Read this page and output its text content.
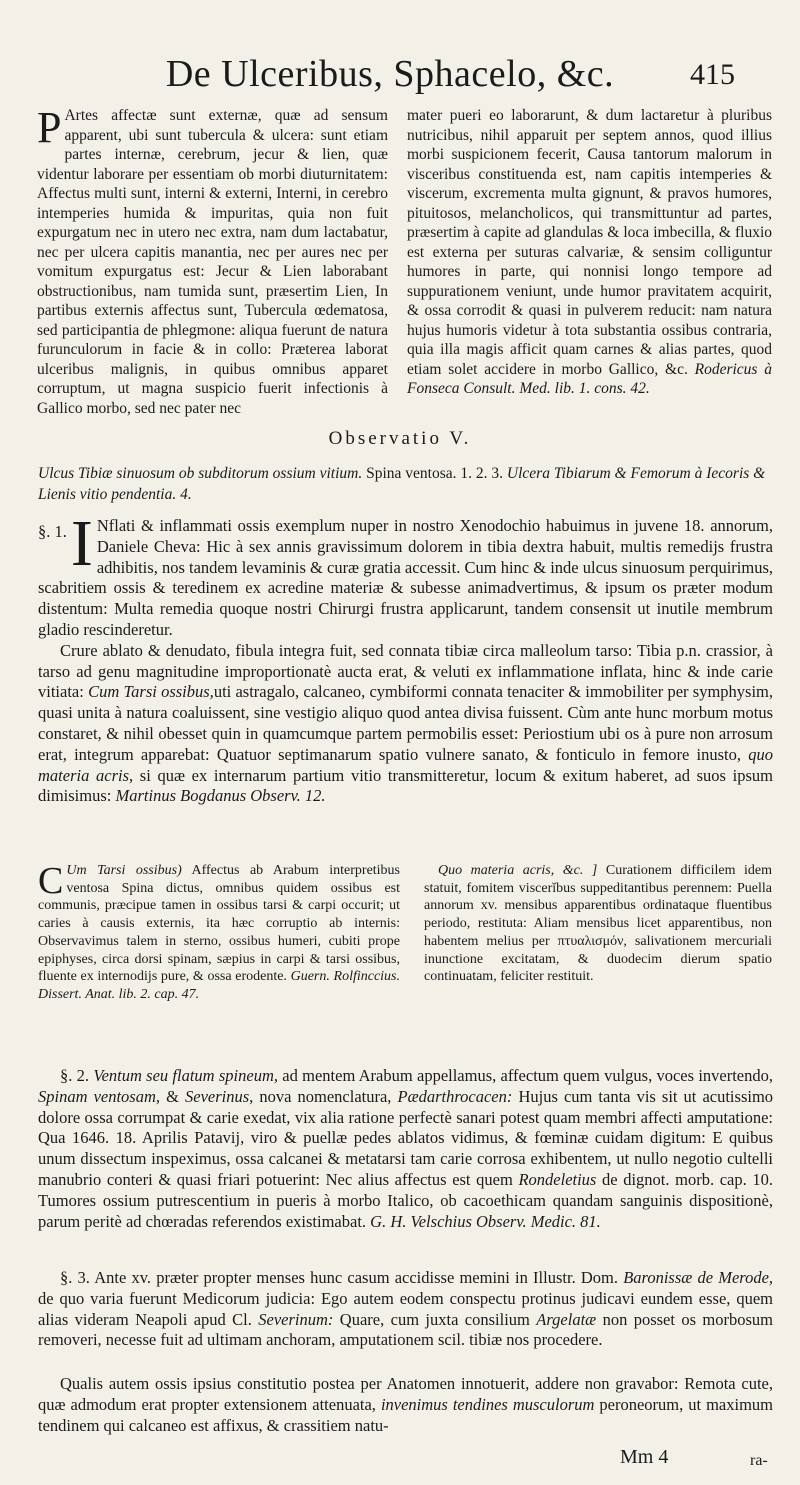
De Ulceribus, Sphacelo, &c.	415

P Artes affectæ sunt externæ, quæ ad sensum apparent, ubi sunt tubercula & ulcera: sunt etiam partes internæ, cerebrum, jecur & lien, quæ videntur laborare per essentiam ob morbi diuturnitatem: Affectus multi sunt, interni & externi, Interni, in cerebro intemperies humida & impuritas, quia non fuit expurgatum nec in utero nec extra, nam dum lactabatur, nec per ulcera capitis manantia, nec per aures nec per vomitum expurgatus est: Jecur & Lien laborabant obstructionibus, nam tumida sunt, præsertim Lien, In partibus externis affectus sunt, Tubercula œdematosa, sed participantia de phlegmone: aliqua fuerunt de natura furunculorum in facie & in collo: Præterea laborat ulceribus malignis, in quibus omnibus apparet corruptum, ut magna suspicio fuerit infectionis à Gallico morbo, sed nec pater nec

mater pueri eo laborarunt, & dum lactaretur à pluribus nutricibus, nihil apparuit per septem annos, quod illius morbi suspicionem fecerit, Causa tantorum malorum in visceribus constituenda est, nam capitis intemperies & viscerum, excrementa multa gignunt, & pravos humores, pituitosos, melancholicos, qui transmittuntur ad partes, præsertim à capite ad glandulas & loca imbecilla, & fluxio est externa per suturas calvariæ, & sensim colliguntur humores in parte, qui nonnisi longo tempore ad suppurationem veniunt, unde humor pravitatem acquirit, & ossa corrodit & quasi in pulverem reducit: nam natura hujus humoris videtur à tota substantia ossibus contraria, quia illa magis afficit quam carnes & alias partes, quod etiam solet accidere in morbo Gallico, &c. Rodericus à Fonseca Consult. Med. lib. 1. cons. 42.

Observatio V.
Ulcus Tibiæ sinuosum ob subditorum ossium vitium. Spina ventosa. 1. 2. 3. Ulcera Tibiarum & Femorum à Iecoris & Lienis vitio pendentia. 4.

§. 1. I Nflati & inflammati ossis exemplum nuper in nostro Xenodochio habuimus in juvene 18. annorum, Daniele Cheva: Hic à sex annis gravissimum dolorem in tibia dextra habuit, multis remedijs frustra adhibitis, nos tandem levaminis & curæ gratia accessit. Cum hinc & inde ulcus sinuosum perquirimus, scabritiem ossis & teredinem ex acredine materiæ & subesse animadvertimus, & ipsum os præter modum distentum: Multa remedia quoque nostri Chirurgi frustra applicarunt, tandem consensit ut inutile membrum gladio rescinderetur.

Crure ablato & denudato, fibula integra fuit, sed connata tibiæ circa malleolum tarso: Tibia p.n. crassior, à tarso ad genu magnitudine improportionatè aucta erat, & veluti ex inflammatione inflata, hinc & inde carie vitiata: Cum Tarsi ossibus,uti astragalo, calcaneo, cymbiformi connata tenaciter & immobiliter per symphysim, quasi unita à natura coaluissent, sine vestigio aliquo quod antea divisa fuissent. Cùm ante hunc morbum motus constaret, & nihil obesset quin in quamcumque partem permobilis esset: Periostium ubi os à pure non arrosum erat, integrum apparebat: Quatuor septimanarum spatio vulnere sanato, & fonticulo in femore inusto, quo materia acris, si quæ ex internarum partium vitio transmitteretur, locum & exitum haberet, ad suos ipsum dimisimus: Martinus Bogdanus Observ. 12.

C Um Tarsi ossibus) Affectus ab Arabum interpretibus ventosa Spina dictus, omnibus quidem ossibus est communis, præcipue tamen in ossibus tarsi & carpi occurit; ut caries à causis externis, ita hæc corruptio ab internis: Observavimus talem in sterno, ossibus humeri, cubiti prope epiphyses, circa dorsi spinam, sæpius in carpi & tarsi ossibus, fluente ex internodijs pure, & ossa erodente. Guern. Rolfinccius. Dissert. Anat. lib. 2. cap. 47.

Quo materia acris, &c. ] Curationem difficilem idem statuit, fomitem viscerĭbus suppeditantibus perennem: Puella annorum xv. mensibus apparentibus ordinataque fluentibus periodo, restituta: Aliam mensibus licet apparentibus, non habentem melius per πτυαλισμόν, salivationem mercuriali inunctione excitatam, & duodecim dierum spatio continuatam, feliciter restituit.

§. 2. Ventum seu flatum spineum, ad mentem Arabum appellamus, affectum quem vulgus, voces invertendo, Spinam ventosam, & Severinus, nova nomenclatura, Pædarthrocacen: Hujus cum tanta vis sit ut acutissimo dolore ossa corrumpat & carie exedat, vix alia ratione perfectè sanari potest quam membri affecti amputatione: Qua 1646. 18. Aprilis Patavij, viro & puellæ pedes ablatos vidimus, & fœminæ cuidam digitum: E quibus unum dissectum inspeximus, ossa calcanei & metatarsi tam carie corrosa exhibentem, ut nullo negotio cultelli manubrio conteri & quasi friari potuerint: Nec alius affectus est quem Rondeletius de dignot. morb. cap. 10. Tumores ossium putrescentium in pueris à morbo Italico, ob cacoethicam quandam sanguinis dispositionè, parum peritè ad chœradas referendos existimabat. G. H. Velschius Observ. Medic. 81.

§. 3. Ante xv. præter propter menses hunc casum accidisse memini in Illustr. Dom. Baronissæ de Merode, de quo varia fuerunt Medicorum judicia: Ego autem eodem conspectu protinus judicavi eundem esse, quem alias videram Neapoli apud Cl. Severinum: Quare, cum juxta consilium Argelatæ non posset os morbosum removeri, necesse fuit ad ultimam anchoram, amputationem scil. tibiæ nos procedere.

Qualis autem ossis ipsius constitutio postea per Anatomen innotuerit, addere non gravabor: Remota cute, quæ admodum erat propter extensionem attenuata, invenimus tendines musculorum peroneorum, ut maximum tendinem qui calcaneo est affixus, & crassitiem natu-

Mm 4	ra-
